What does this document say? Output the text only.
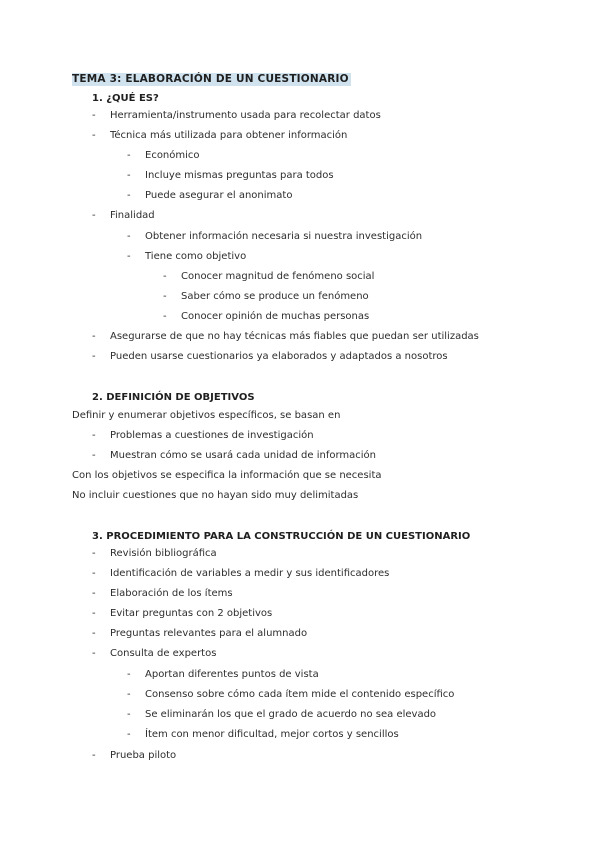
TEMA 3: ELABORACIÓN DE UN CUESTIONARIO
1. ¿QUÉ ES?
- Herramienta/instrumento usada para recolectar datos
- Técnica más utilizada para obtener información
- Económico
- Incluye mismas preguntas para todos
- Puede asegurar el anonimato
- Finalidad
- Obtener información necesaria si nuestra investigación
- Tiene como objetivo
- Conocer magnitud de fenómeno social
- Saber cómo se produce un fenómeno
- Conocer opinión de muchas personas
- Asegurarse de que no hay técnicas más fiables que puedan ser utilizadas
- Pueden usarse cuestionarios ya elaborados y adaptados a nosotros
2. DEFINICIÓN DE OBJETIVOS
Definir y enumerar objetivos específicos, se basan en
- Problemas a cuestiones de investigación
- Muestran cómo se usará cada unidad de información
Con los objetivos se especifica la información que se necesita
No incluir cuestiones que no hayan sido muy delimitadas
3. PROCEDIMIENTO PARA LA CONSTRUCCIÓN DE UN CUESTIONARIO
- Revisión bibliográfica
- Identificación de variables a medir y sus identificadores
- Elaboración de los ítems
- Evitar preguntas con 2 objetivos
- Preguntas relevantes para el alumnado
- Consulta de expertos
- Aportan diferentes puntos de vista
- Consenso sobre cómo cada ítem mide el contenido específico
- Se eliminarán los que el grado de acuerdo no sea elevado
- Ítem con menor dificultad, mejor cortos y sencillos
- Prueba piloto
